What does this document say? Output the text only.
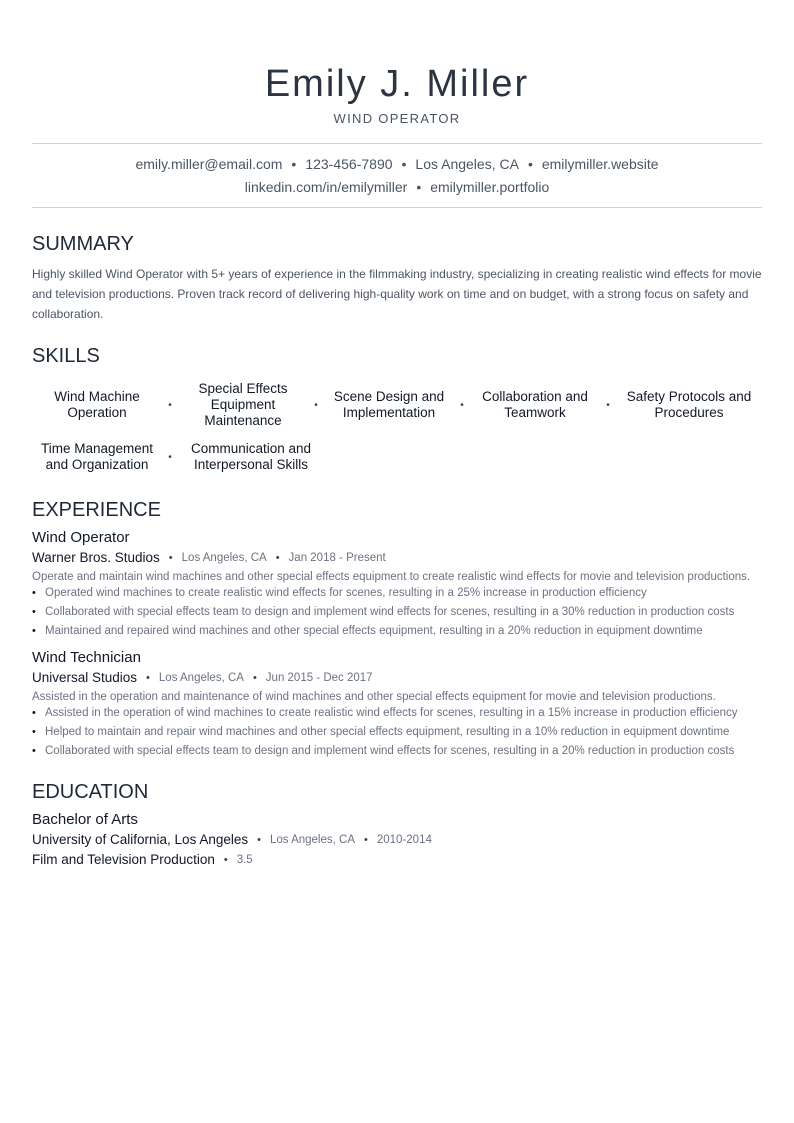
Emily J. Miller
WIND OPERATOR
emily.miller@email.com • 123-456-7890 • Los Angeles, CA • emilymiller.website
linkedin.com/in/emilymiller • emilymiller.portfolio
SUMMARY

Highly skilled Wind Operator with 5+ years of experience in the filmmaking industry, specializing in creating realistic wind effects for movie and television productions. Proven track record of delivering high-quality work on time and on budget, with a strong focus on safety and collaboration.

SKILLS
Wind Machine Operation	•
Special Effects Equipment Maintenance
•
Scene Design and Implementation	•
Collaboration and Teamwork	•
Safety Protocols and Procedures
Time Management and Organization	•
Communication and Interpersonal Skills
EXPERIENCE
Wind Operator
Warner Bros. Studios • Los Angeles, CA • Jan 2018 - Present
Operate and maintain wind machines and other special effects equipment to create realistic wind effects for movie and television productions.
• Operated wind machines to create realistic wind effects for scenes, resulting in a 25% increase in production efficiency
• Collaborated with special effects team to design and implement wind effects for scenes, resulting in a 30% reduction in production costs
• Maintained and repaired wind machines and other special effects equipment, resulting in a 20% reduction in equipment downtime
Wind Technician
Universal Studios • Los Angeles, CA • Jun 2015 - Dec 2017
Assisted in the operation and maintenance of wind machines and other special effects equipment for movie and television productions.
• Assisted in the operation of wind machines to create realistic wind effects for scenes, resulting in a 15% increase in production efficiency
• Helped to maintain and repair wind machines and other special effects equipment, resulting in a 10% reduction in equipment downtime
• Collaborated with special effects team to design and implement wind effects for scenes, resulting in a 20% reduction in production costs
EDUCATION
Bachelor of Arts
University of California, Los Angeles • Los Angeles, CA • 2010-2014
Film and Television Production • 3.5
